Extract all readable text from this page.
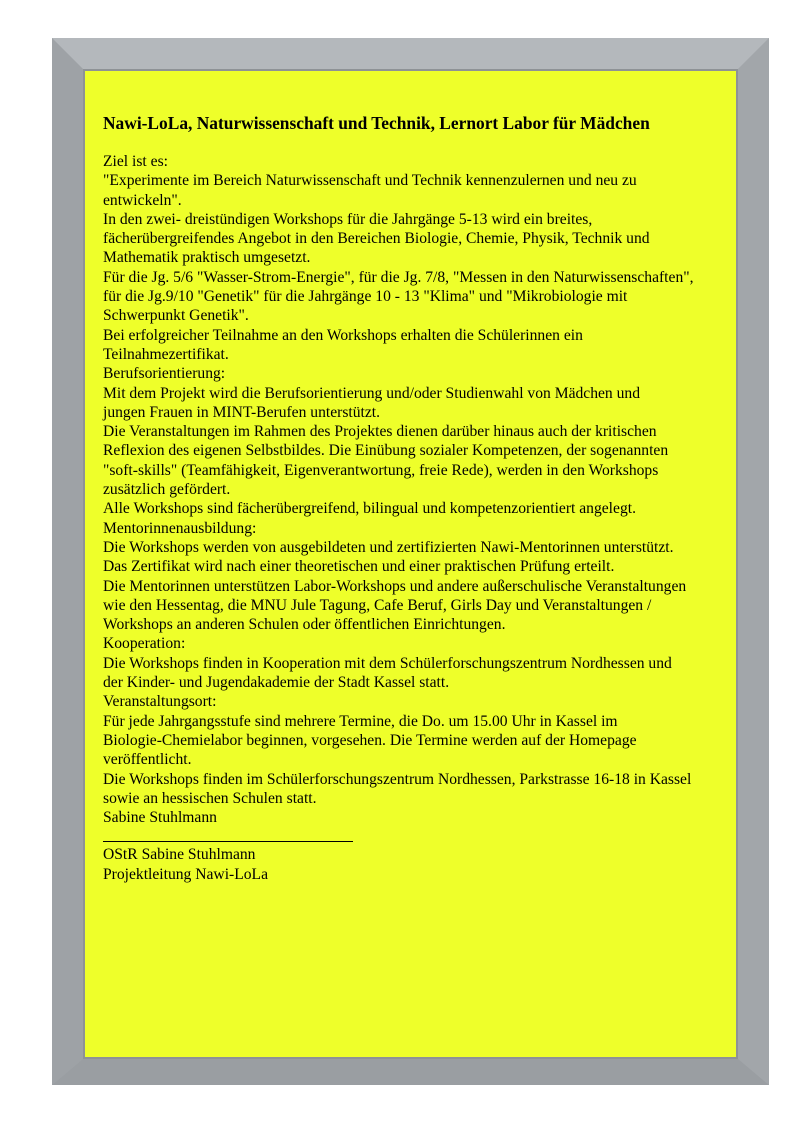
Nawi-LoLa, Naturwissenschaft und Technik, Lernort Labor für Mädchen

Ziel ist es:
"Experimente im Bereich Naturwissenschaft und Technik kennenzulernen und neu zu
entwickeln".
In den zwei- dreistündigen Workshops für die Jahrgänge 5-13 wird ein breites,
fächerübergreifendes Angebot in den Bereichen Biologie, Chemie, Physik, Technik und
Mathematik praktisch umgesetzt.
Für die Jg. 5/6 "Wasser-Strom-Energie", für die Jg. 7/8, "Messen in den Naturwissenschaften",
für die Jg.9/10 "Genetik" für die Jahrgänge 10 - 13 "Klima" und "Mikrobiologie mit
Schwerpunkt Genetik".
Bei erfolgreicher Teilnahme an den Workshops erhalten die Schülerinnen ein
Teilnahmezertifikat.

Berufsorientierung:
Mit dem Projekt wird die Berufsorientierung und/oder Studienwahl von Mädchen und
jungen Frauen in MINT-Berufen unterstützt.
Die Veranstaltungen im Rahmen des Projektes dienen darüber hinaus auch der kritischen
Reflexion des eigenen Selbstbildes. Die Einübung sozialer Kompetenzen, der sogenannten
"soft-skills" (Teamfähigkeit, Eigenverantwortung, freie Rede), werden in den Workshops
zusätzlich gefördert.
Alle Workshops sind fächerübergreifend, bilingual und kompetenzorientiert angelegt.

Mentorinnenausbildung:
Die Workshops werden von ausgebildeten und zertifizierten Nawi-Mentorinnen unterstützt.
Das Zertifikat wird nach einer theoretischen und einer praktischen Prüfung erteilt.
Die Mentorinnen unterstützen Labor-Workshops und andere außerschulische Veranstaltungen
wie den Hessentag, die MNU Jule Tagung, Cafe Beruf, Girls Day und Veranstaltungen /
Workshops an anderen Schulen oder öffentlichen Einrichtungen.

Kooperation:
Die Workshops finden in Kooperation mit dem Schülerforschungszentrum Nordhessen und
der Kinder- und Jugendakademie der Stadt Kassel statt.

Veranstaltungsort:
Für jede Jahrgangsstufe sind mehrere Termine, die Do. um 15.00 Uhr in Kassel im
Biologie-Chemielabor beginnen, vorgesehen. Die Termine werden auf der Homepage
veröffentlicht.
Die Workshops finden im Schülerforschungszentrum Nordhessen, Parkstrasse 16-18 in Kassel
sowie an hessischen Schulen statt.

Sabine Stuhlmann

OStR Sabine Stuhlmann

Projektleitung Nawi-LoLa
